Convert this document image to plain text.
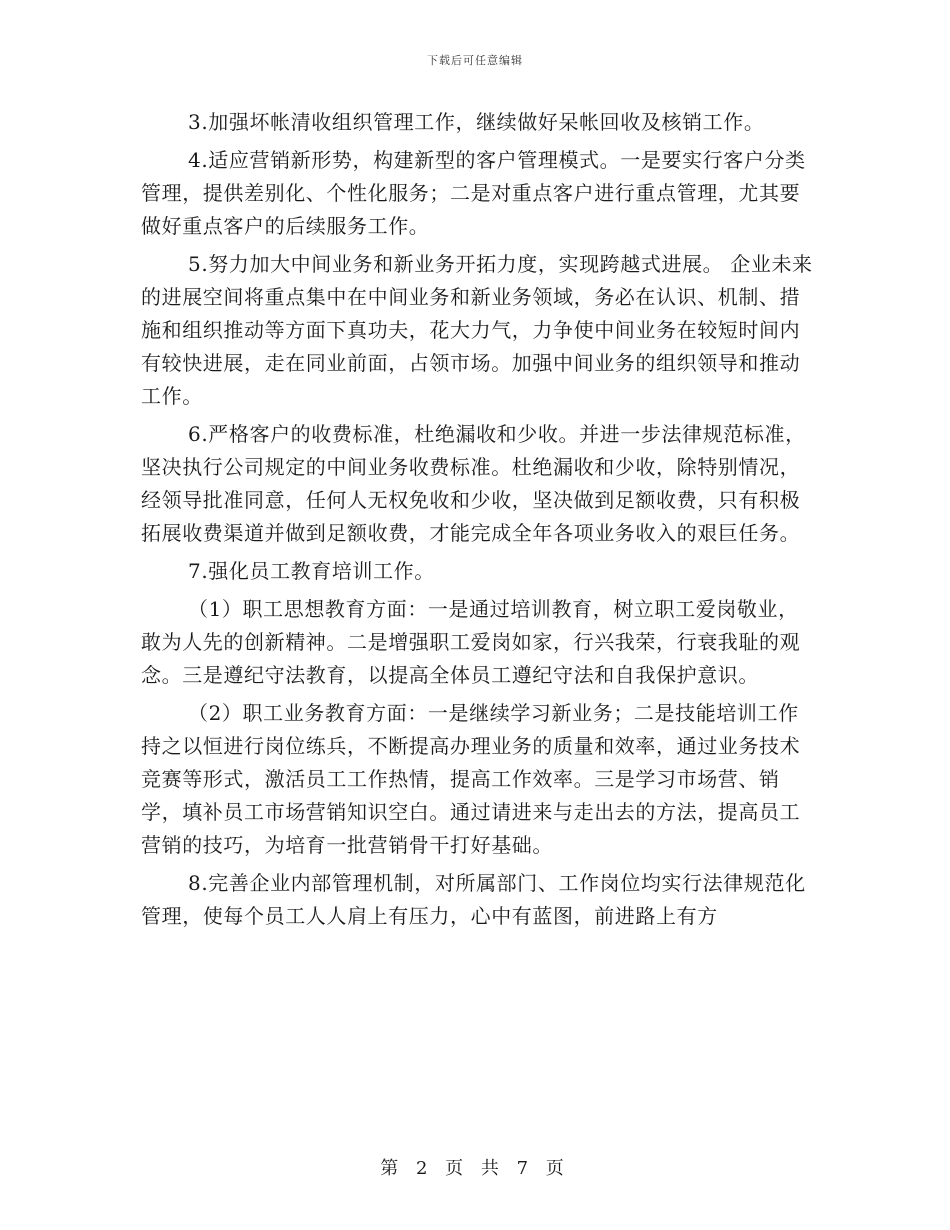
下载后可任意编辑

3.加强坏帐清收组织管理工作，继续做好呆帐回收及核销工作。

4.适应营销新形势，构建新型的客户管理模式。一是要实行客户分类管理，提供差别化、个性化服务；二是对重点客户进行重点管理，尤其要做好重点客户的后续服务工作。

5.努力加大中间业务和新业务开拓力度，实现跨越式进展。 企业未来的进展空间将重点集中在中间业务和新业务领域，务必在认识、机制、措施和组织推动等方面下真功夫，花大力气，力争使中间业务在较短时间内有较快进展，走在同业前面，占领市场。加强中间业务的组织领导和推动工作。

6.严格客户的收费标准，杜绝漏收和少收。并进一步法律规范标准，坚决执行公司规定的中间业务收费标准。杜绝漏收和少收，除特别情况，经领导批准同意，任何人无权免收和少收，坚决做到足额收费，只有积极拓展收费渠道并做到足额收费，才能完成全年各项业务收入的艰巨任务。

7.强化员工教育培训工作。

（1）职工思想教育方面：一是通过培训教育，树立职工爱岗敬业，敢为人先的创新精神。二是增强职工爱岗如家，行兴我荣，行衰我耻的观念。三是遵纪守法教育，以提高全体员工遵纪守法和自我保护意识。

（2）职工业务教育方面：一是继续学习新业务；二是技能培训工作持之以恒进行岗位练兵，不断提高办理业务的质量和效率，通过业务技术竞赛等形式，激活员工工作热情，提高工作效率。三是学习市场营、销学，填补员工市场营销知识空白。通过请进来与走出去的方法，提高员工营销的技巧，为培育一批营销骨干打好基础。

8.完善企业内部管理机制，对所属部门、工作岗位均实行法律规范化管理，使每个员工人人肩上有压力，心中有蓝图，前进路上有方

第 2 页 共 7 页
